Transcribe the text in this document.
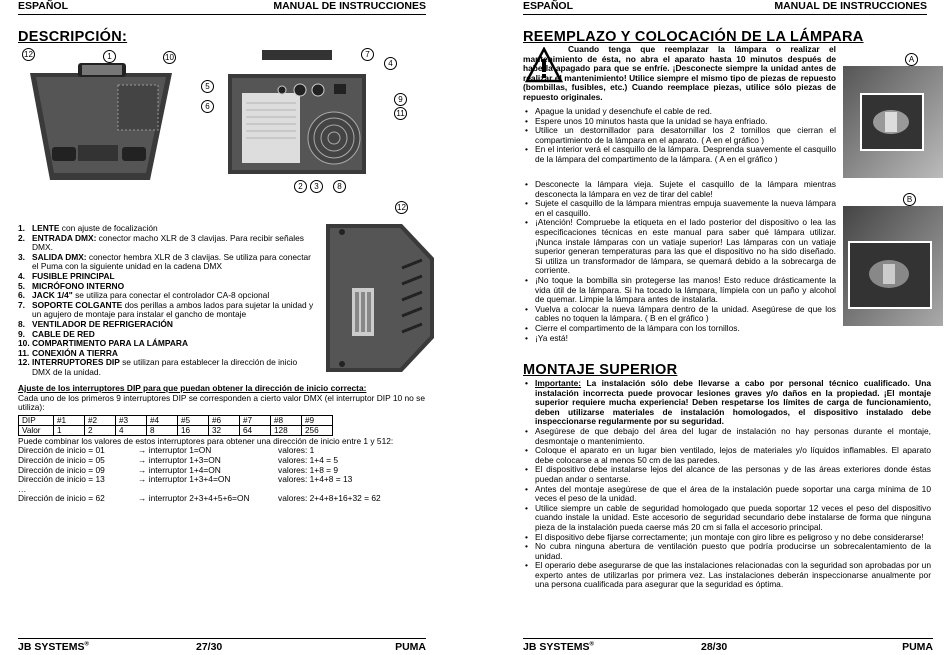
ESPAÑOL	MANUAL DE INSTRUCCIONES
DESCRIPCIÓN:
12	1	10
5
6
7
4
9
11
2	3	8
12
1. LENTE con ajuste de focalización
2. ENTRADA DMX: conector macho XLR de 3 clavijas. Para recibir señales DMX.
3. SALIDA DMX: conector hembra XLR de 3 clavijas. Se utiliza para conectar el Puma con la siguiente unidad en la cadena DMX
4. FUSIBLE PRINCIPAL
5. MICRÓFONO INTERNO
6. JACK 1/4" se utiliza para conectar el controlador CA-8 opcional
7. SOPORTE COLGANTE dos perillas a ambos lados para sujetar la unidad y un agujero de montaje para instalar el gancho de montaje
8. VENTILADOR DE REFRIGERACIÓN
9. CABLE DE RED
10. COMPARTIMENTO PARA LA LÁMPARA
11. CONEXIÓN A TIERRA
12. INTERRUPTORES DIP se utilizan para establecer la dirección de inicio DMX de la unidad.
Ajuste de los interruptores DIP para que puedan obtener la dirección de inicio correcta:
Cada uno de los primeros 9 interruptores DIP se corresponden a cierto valor DMX (el interruptor DIP 10 no se utiliza):
DIP	#1	#2	#3	#4	#5	#6	#7	#8	#9
Valor	1	2	4	8	16	32	64	128	256
Puede combinar los valores de estos interruptores para obtener una dirección de inicio entre 1 y 512:
Dirección de inicio = 01	→ interruptor 1=ON	valores: 1
Dirección de inicio = 05	→ interruptor 1+3=ON	valores: 1+4 = 5
Dirección de inicio = 09	→ interruptor 1+4=ON	valores: 1+8 = 9
Dirección de inicio = 13	→ interruptor 1+3+4=ON	valores: 1+4+8 = 13
…
Dirección de inicio = 62	→ interruptor 2+3+4+5+6=ON	valores: 2+4+8+16+32 = 62
JB SYSTEMS®	27/30	PUMA
ESPAÑOL	MANUAL DE INSTRUCCIONES
REEMPLAZO Y COLOCACIÓN DE LA LÁMPARA
Cuando tenga que reemplazar la lámpara o realizar el mantenimiento de ésta, no abra el aparato hasta 10 minutos después de haberla apagado para que se enfríe. ¡Desconecte siempre la unidad antes de realizar el mantenimiento! Utilice siempre el mismo tipo de piezas de repuesto (bombillas, fusibles, etc.) Cuando reemplace piezas, utilice sólo piezas de repuesto originales.
• Apague la unidad y desenchufe el cable de red.
• Espere unos 10 minutos hasta que la unidad se haya enfriado.
• Utilice un destornillador para desatornillar los 2 tornillos que cierran el compartimiento de la lámpara en el aparato. ( A en el gráfico )
• En el interior verá el casquillo de la lámpara. Desprenda suavemente el casquillo de la lámpara del compartimento de la lámpara. ( A en el gráfico )
• Desconecte la lámpara vieja. Sujete el casquillo de la lámpara mientras desconecta la lámpara en vez de tirar del cable!
• Sujete el casquillo de la lámpara mientras empuja suavemente la nueva lámpara en el casquillo.
• ¡Atención! Compruebe la etiqueta en el lado posterior del dispositivo o lea las especificaciones técnicas en este manual para saber qué lámpara utilizar. ¡Nunca instale lámparas con un vatiaje superior! Las lámparas con un vatiaje superior generan temperaturas para las que el dispositivo no ha sido diseñado. Si utiliza un transformador de lámpara, se quemará debido a la sobrecarga de corriente.
• ¡No toque la bombilla sin protegerse las manos! Esto reduce drásticamente la vida útil de la lámpara. Si ha tocado la lámpara, límpiela con un paño y alcohol de quemar. Limpie la lámpara antes de instalarla.
• Vuelva a colocar la nueva lámpara dentro de la unidad. Asegúrese de que los cables no toquen la lámpara. ( B en el gráfico )
• Cierre el compartimento de la lámpara con los tornillos.
• ¡Ya está!
A
B
MONTAJE SUPERIOR
• Importante: La instalación sólo debe llevarse a cabo por personal técnico cualificado. Una instalación incorrecta puede provocar lesiones graves y/o daños en la propiedad. ¡El montaje superior requiere mucha experiencia! Deben respetarse los límites de carga de funcionamiento, deben utilizarse materiales de instalación homologados, el dispositivo instalado debe inspeccionarse regularmente por su seguridad.
• Asegúrese de que debajo del área del lugar de instalación no hay personas durante el montaje, desmontaje o mantenimiento.
• Coloque el aparato en un lugar bien ventilado, lejos de materiales y/o líquidos inflamables. El aparato debe colocarse a al menos 50 cm de las paredes.
• El dispositivo debe instalarse lejos del alcance de las personas y de las áreas exteriores donde éstas puedan andar o sentarse.
• Antes del montaje asegúrese de que el área de la instalación puede soportar una carga mínima de 10 veces el peso de la unidad.
• Utilice siempre un cable de seguridad homologado que pueda soportar 12 veces el peso del dispositivo cuando instale la unidad. Este accesorio de seguridad secundario debe instalarse de forma que ninguna pieza de la instalación pueda caerse más 20 cm si falla el accesorio principal.
• El dispositivo debe fijarse correctamente; ¡un montaje con giro libre es peligroso y no debe considerarse!
• No cubra ninguna abertura de ventilación puesto que podría producirse un sobrecalentamiento de la unidad.
• El operario debe asegurarse de que las instalaciones relacionadas con la seguridad son aprobadas por un experto antes de utilizarlas por primera vez. Las instalaciones deberán inspeccionarse anualmente por una persona cualificada para asegurar que la seguridad es óptima.
JB SYSTEMS®	28/30	PUMA
